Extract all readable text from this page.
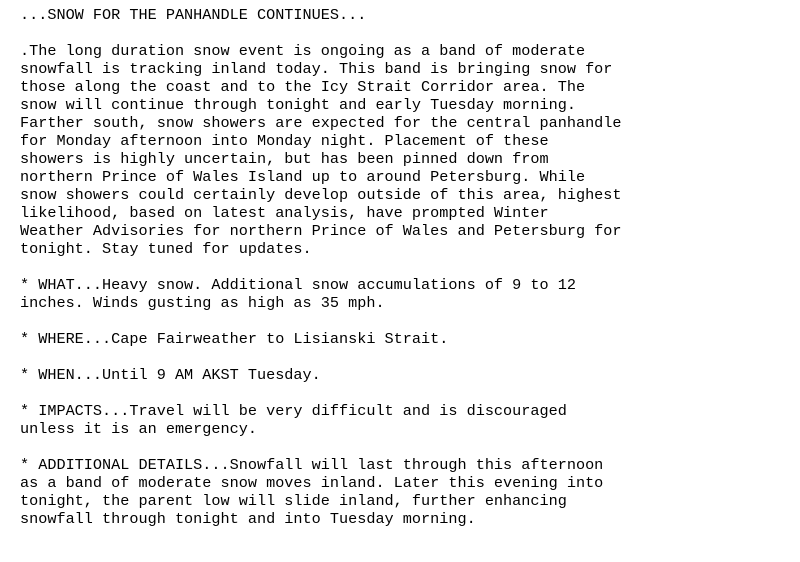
...SNOW FOR THE PANHANDLE CONTINUES...

.The long duration snow event is ongoing as a band of moderate
snowfall is tracking inland today. This band is bringing snow for
those along the coast and to the Icy Strait Corridor area. The
snow will continue through tonight and early Tuesday morning.
Farther south, snow showers are expected for the central panhandle
for Monday afternoon into Monday night. Placement of these
showers is highly uncertain, but has been pinned down from
northern Prince of Wales Island up to around Petersburg. While
snow showers could certainly develop outside of this area, highest
likelihood, based on latest analysis, have prompted Winter
Weather Advisories for northern Prince of Wales and Petersburg for
tonight. Stay tuned for updates.

* WHAT...Heavy snow. Additional snow accumulations of 9 to 12
inches. Winds gusting as high as 35 mph.

* WHERE...Cape Fairweather to Lisianski Strait.

* WHEN...Until 9 AM AKST Tuesday.

* IMPACTS...Travel will be very difficult and is discouraged
unless it is an emergency.

* ADDITIONAL DETAILS...Snowfall will last through this afternoon
as a band of moderate snow moves inland. Later this evening into
tonight, the parent low will slide inland, further enhancing
snowfall through tonight and into Tuesday morning.
